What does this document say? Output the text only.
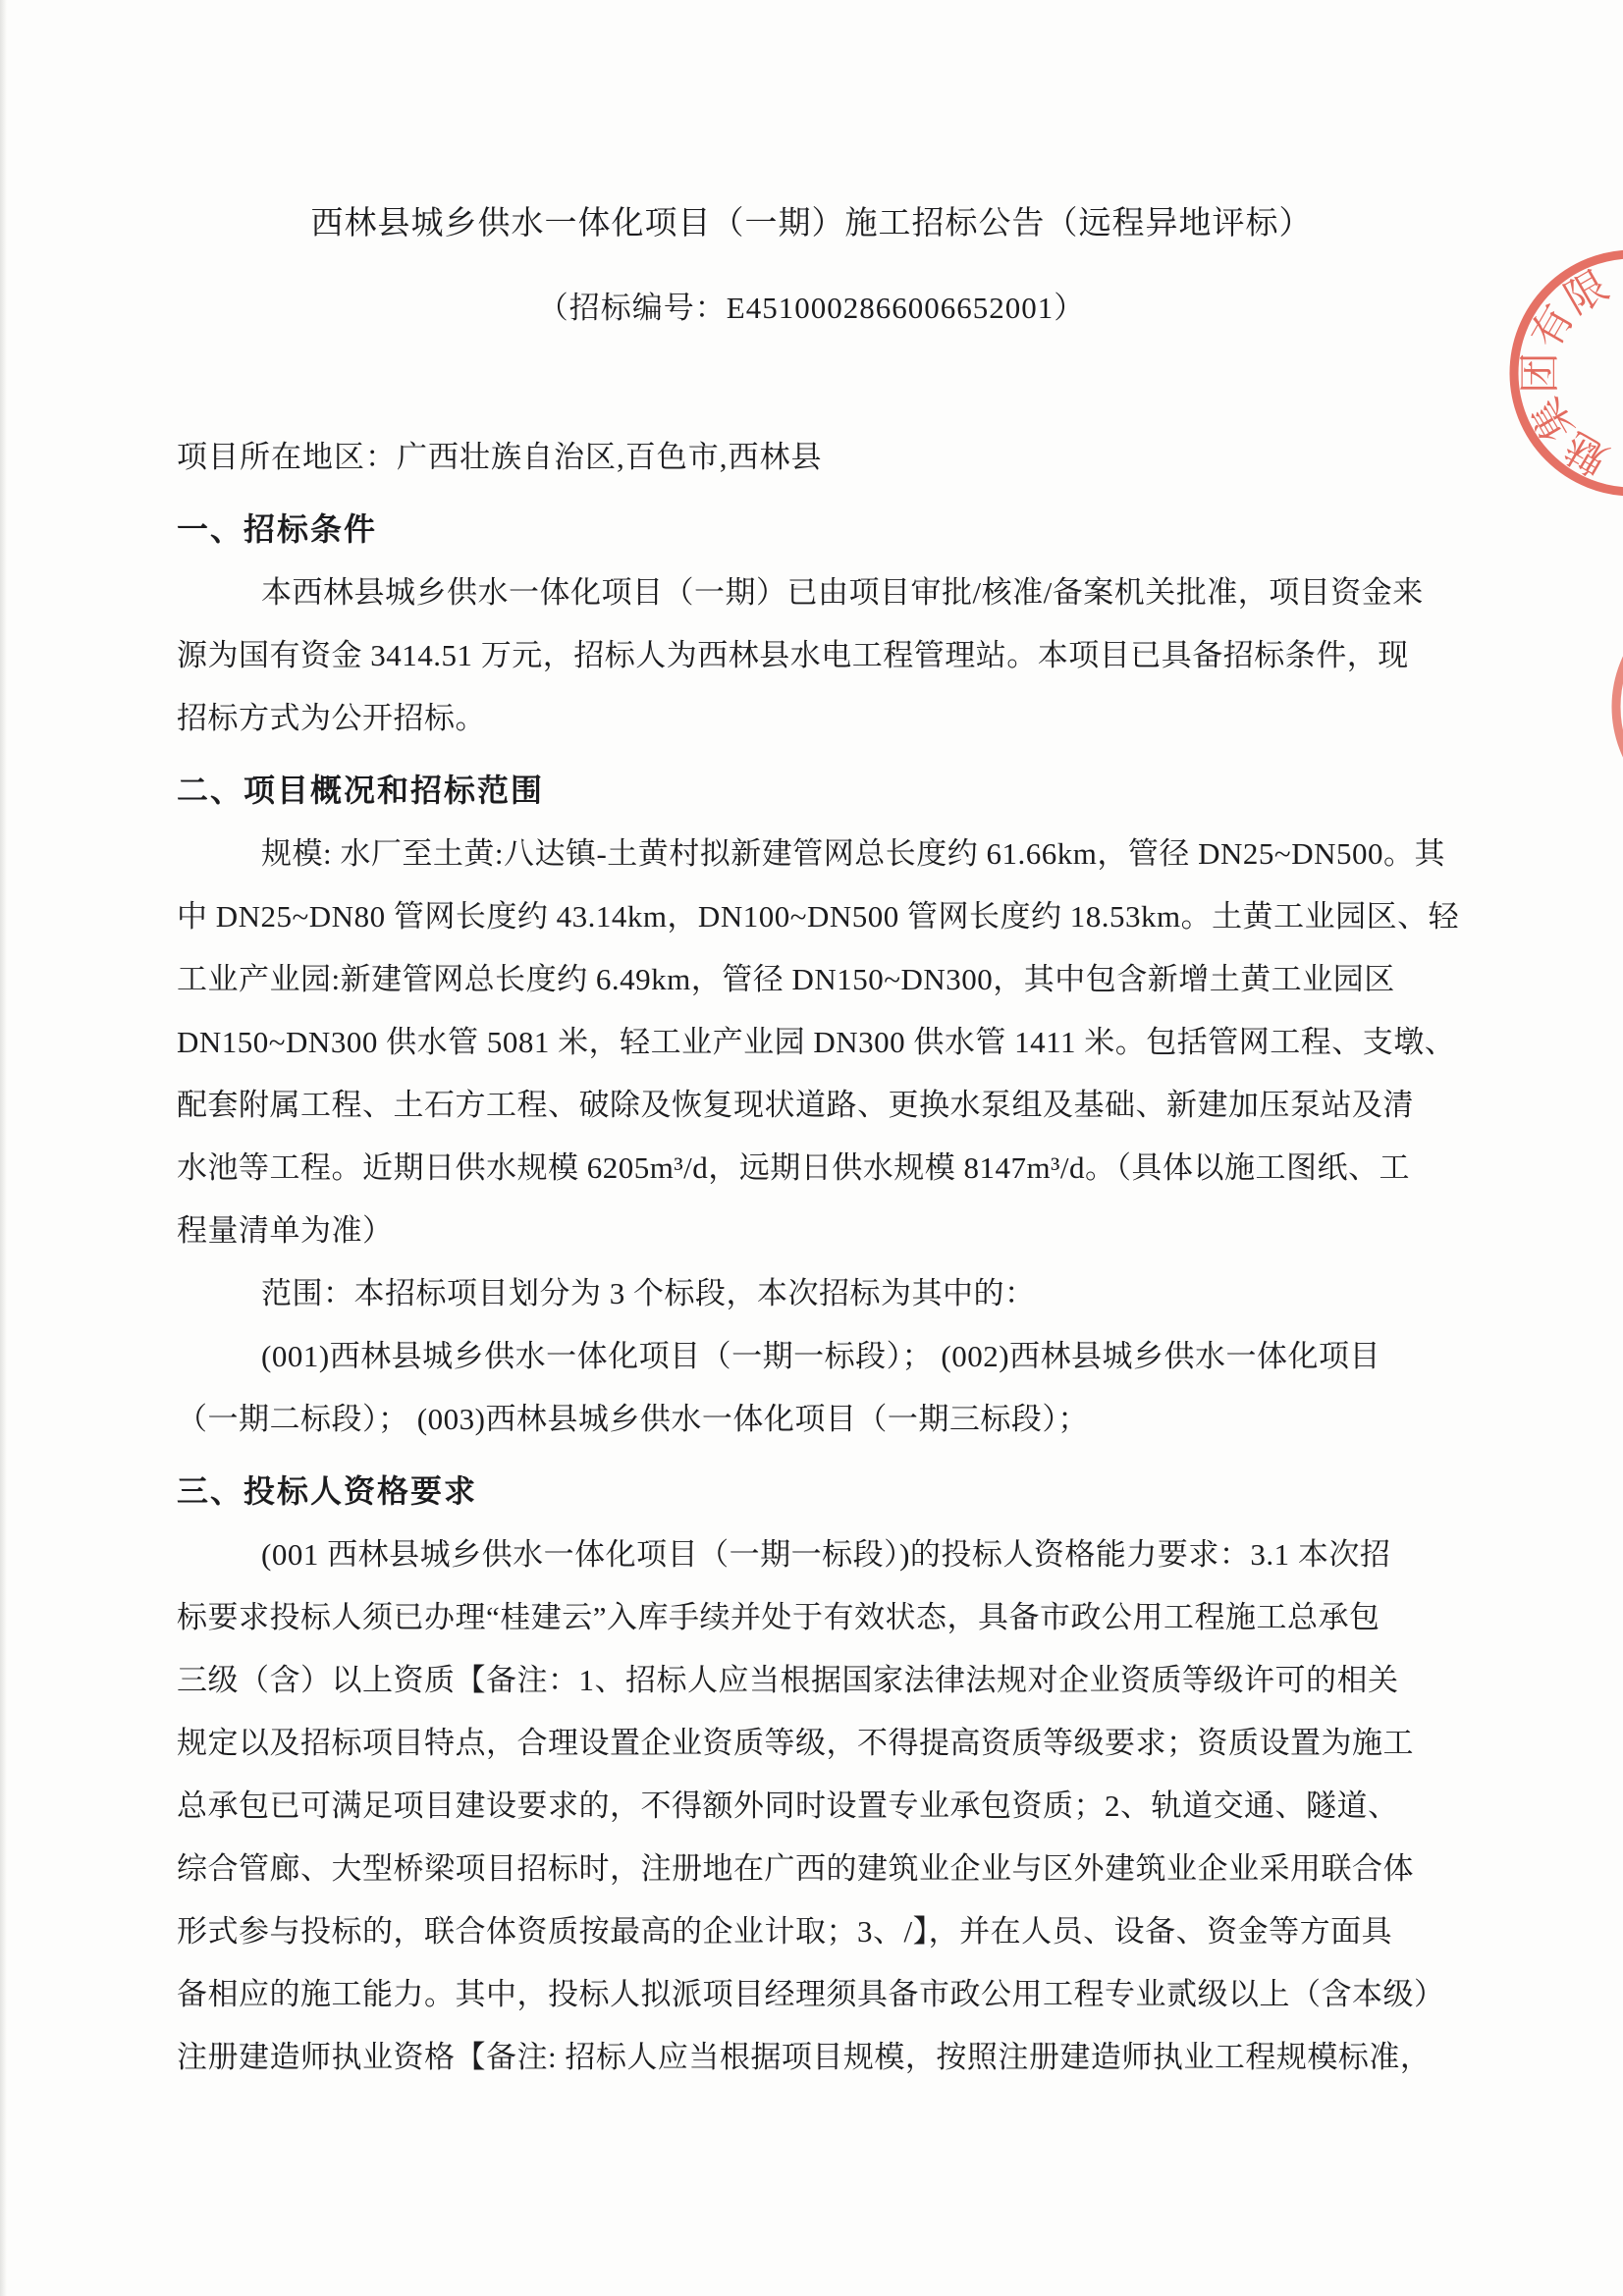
西林县城乡供水一体化项目（一期）施工招标公告（远程异地评标）
（招标编号：E4510002866006652001）
项目所在地区：广西壮族自治区,百色市,西林县
一、招标条件
本西林县城乡供水一体化项目（一期）已由项目审批/核准/备案机关批准，项目资金来
源为国有资金 3414.51 万元，招标人为西林县水电工程管理站。本项目已具备招标条件，现
招标方式为公开招标。
二、项目概况和招标范围
规模: 水厂至土黄:八达镇-土黄村拟新建管网总长度约 61.66km，管径 DN25~DN500。其
中 DN25~DN80 管网长度约 43.14km，DN100~DN500 管网长度约 18.53km。土黄工业园区、轻
工业产业园:新建管网总长度约 6.49km，管径 DN150~DN300，其中包含新增土黄工业园区
DN150~DN300 供水管 5081 米，轻工业产业园 DN300 供水管 1411 米。包括管网工程、支墩、
配套附属工程、土石方工程、破除及恢复现状道路、更换水泵组及基础、新建加压泵站及清
水池等工程。近期日供水规模 6205m³/d，远期日供水规模 8147m³/d。（具体以施工图纸、工
程量清单为准）
范围：本招标项目划分为 3 个标段，本次招标为其中的：
(001)西林县城乡供水一体化项目（一期一标段）； (002)西林县城乡供水一体化项目
（一期二标段）； (003)西林县城乡供水一体化项目（一期三标段）；
三、投标人资格要求
(001 西林县城乡供水一体化项目（一期一标段）)的投标人资格能力要求：3.1 本次招
标要求投标人须已办理“桂建云”入库手续并处于有效状态，具备市政公用工程施工总承包
三级（含）以上资质【备注：1、招标人应当根据国家法律法规对企业资质等级许可的相关
规定以及招标项目特点，合理设置企业资质等级，不得提高资质等级要求；资质设置为施工
总承包已可满足项目建设要求的，不得额外同时设置专业承包资质；2、轨道交通、隧道、
综合管廊、大型桥梁项目招标时，注册地在广西的建筑业企业与区外建筑业企业采用联合体
形式参与投标的，联合体资质按最高的企业计取；3、/】，并在人员、设备、资金等方面具
备相应的施工能力。其中，投标人拟派项目经理须具备市政公用工程专业贰级以上（含本级）
注册建造师执业资格【备注: 招标人应当根据项目规模，按照注册建造师执业工程规模标准，
魅
集
团
有
限
